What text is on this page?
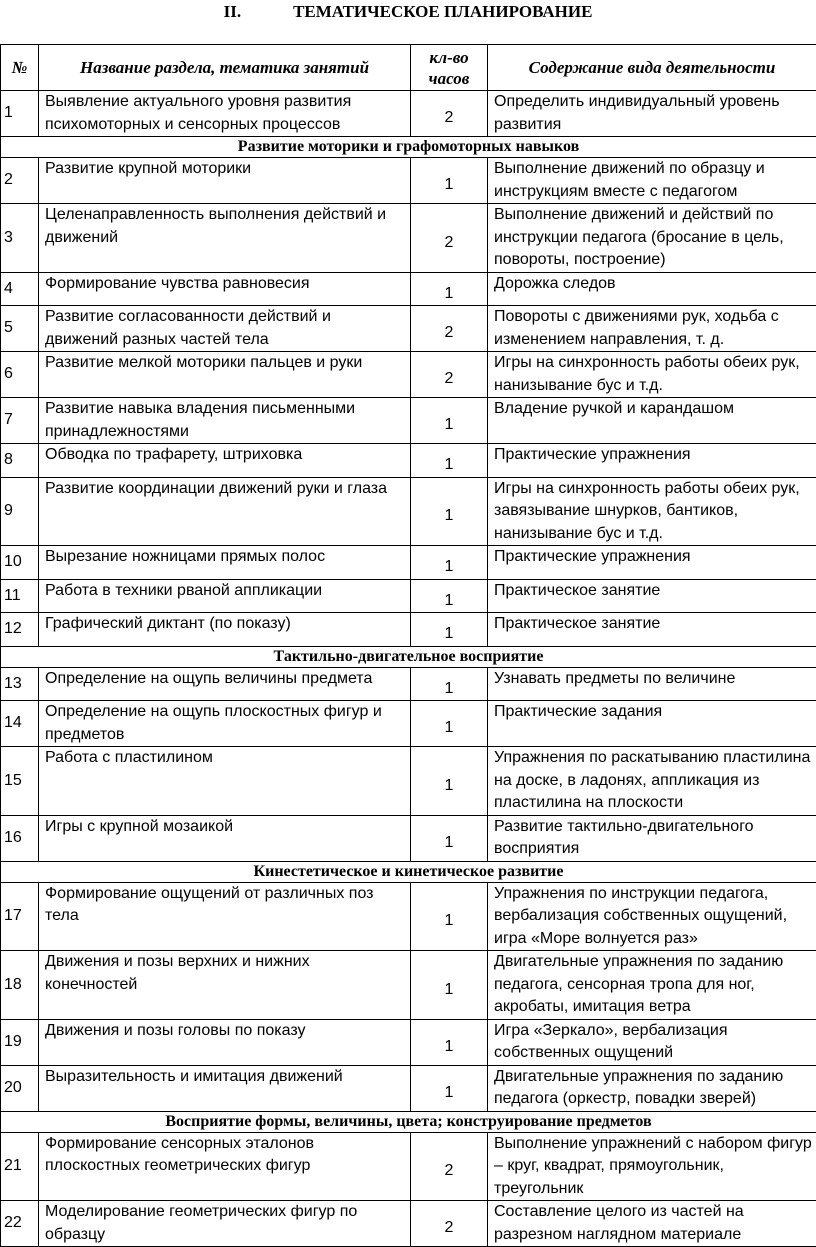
II.	ТЕМАТИЧЕСКОЕ ПЛАНИРОВАНИЕ
№	Название раздела, тематика занятий	кл-во часов	Содержание вида деятельности
1	Выявление актуального уровня развития психомоторных и сенсорных процессов	2	Определить индивидуальный уровень развития
Развитие моторики и графомоторных навыков			
2	Развитие крупной моторики	1	Выполнение движений по образцу и инструкциям вместе с педагогом
3	Целенаправленность выполнения действий и движений	2	Выполнение движений и действий по инструкции педагога (бросание в цель, повороты, построение)
4	Формирование чувства равновесия	1	Дорожка следов
5	Развитие согласованности действий и движений разных частей тела	2	Повороты с движениями рук, ходьба с изменением направления, т. д.
6	Развитие мелкой моторики пальцев и руки	2	Игры на синхронность работы обеих рук, нанизывание бус и т.д.
7	Развитие навыка владения письменными принадлежностями	1	Владение ручкой и карандашом
8	Обводка по трафарету, штриховка	1	Практические упражнения
9	Развитие координации движений руки и глаза	1	Игры на синхронность работы обеих рук, завязывание шнурков, бантиков, нанизывание бус и т.д.
10	Вырезание ножницами прямых полос	1	Практические упражнения
11	Работа в техники рваной аппликации	1	Практическое занятие
12	Графический диктант (по показу)	1	Практическое занятие
Тактильно-двигательное восприятие			
13	Определение на ощупь величины предмета	1	Узнавать предметы по величине
14	Определение на ощупь плоскостных фигур и предметов	1	Практические задания
15	Работа с пластилином	1	Упражнения по раскатыванию пластилина на доске, в ладонях, аппликация из пластилина на плоскости
16	Игры с крупной мозаикой	1	Развитие тактильно-двигательного восприятия
Кинестетическое и кинетическое развитие			
17	Формирование ощущений от различных поз тела	1	Упражнения по инструкции педагога, вербализация собственных ощущений, игра «Море волнуется раз»
18	Движения и позы верхних и нижних конечностей	1	Двигательные упражнения по заданию педагога, сенсорная тропа для ног, акробаты, имитация ветра
19	Движения и позы головы по показу	1	Игра «Зеркало», вербализация собственных ощущений
20	Выразительность и имитация движений	1	Двигательные упражнения по заданию педагога (оркестр, повадки зверей)
Восприятие формы, величины, цвета; конструирование предметов			
21	Формирование сенсорных эталонов плоскостных геометрических фигур	2	Выполнение упражнений с набором фигур – круг, квадрат, прямоугольник, треугольник
22	Моделирование геометрических фигур по образцу	2	Составление целого из частей на разрезном наглядном материале
